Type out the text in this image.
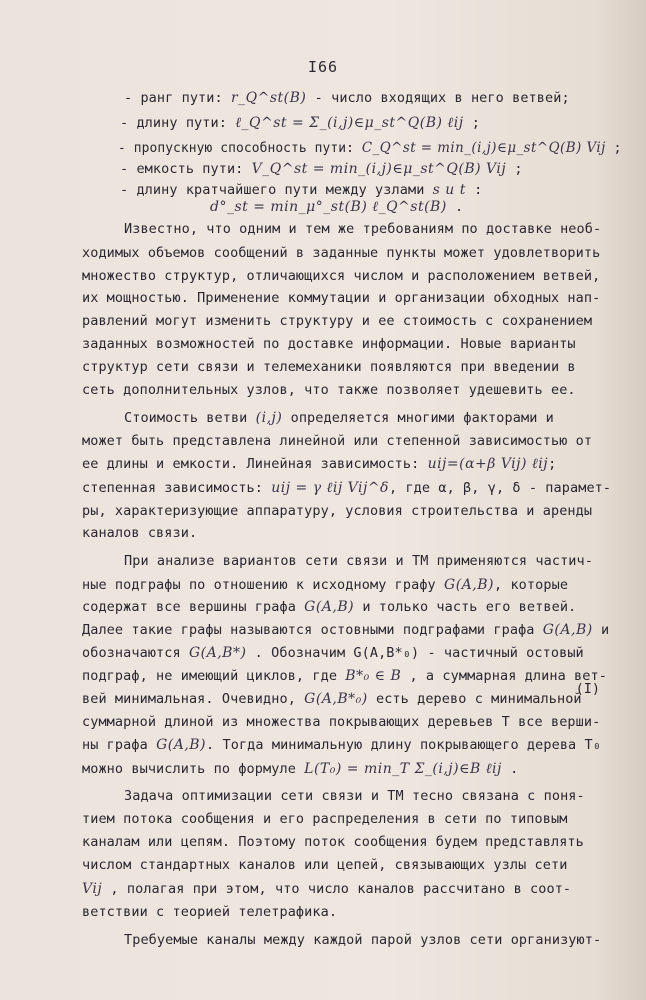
I66
- ранг пути: r_Q^st(B) - число входящих в него ветвей;
- длину пути: ℓ_Q^st = Σ_(i,j)∈μ_st^Q(B) ℓij ;
- пропускную способность пути: C_Q^st = min_(i,j)∈μ_st^Q(B) Vij ;
- емкость пути: V_Q^st = min_(i,j)∈μ_st^Q(B) Vij ;
- длину кратчайшего пути между узлами s и t :
d°_st = min_μ°_st(B) ℓ_Q^st(B) .
Известно, что одним и тем же требованиям по доставке необ-
ходимых объемов сообщений в заданные пункты может удовлетворить
множество структур, отличающихся числом и расположением ветвей,
их мощностью. Применение коммутации и организации обходных нап-
равлений могут изменить структуру и ее стоимость с сохранением
заданных возможностей по доставке информации. Новые варианты
структур сети связи и телемеханики появляются при введении в
сеть дополнительных узлов, что также позволяет удешевить ее.
Стоимость ветви (i,j) определяется многими факторами и
может быть представлена линейной или степенной зависимостью от
ее длины и емкости. Линейная зависимость: uij=(α+β Vij) ℓij;
степенная зависимость: uij = γ ℓij Vij^δ, где α, β, γ, δ - парамет-
ры, характеризующие аппаратуру, условия строительства и аренды
каналов связи.
При анализе вариантов сети связи и ТМ применяются частич-
ные подграфы по отношению к исходному графу G(A,B), которые
содержат все вершины графа G(A,B) и только часть его ветвей.
Далее такие графы называются остовными подграфами графа G(A,B) и
обозначаются G(A,B*) . Обозначим G(A,B*₀) - частичный остовый
подграф, не имеющий циклов, где B*₀ ∈ B , а суммарная длина вет-
вей минимальная. Очевидно, G(A,B*₀) есть дерево с минимальной
суммарной длиной из множества покрывающих деревьев T все верши-
ны графа G(A,B). Тогда минимальную длину покрывающего дерева T₀
можно вычислить по формуле L(T₀) = min_T Σ_(i,j)∈B ℓij .
Задача оптимизации сети связи и ТМ тесно связана с поня-
тием потока сообщения и его распределения в сети по типовым
каналам или цепям. Поэтому поток сообщения будем представлять
числом стандартных каналов или цепей, связывающих узлы сети
Vij , полагая при этом, что число каналов рассчитано в соот-
ветствии с теорией телетрафика.
Требуемые каналы между каждой парой узлов сети организуют-
(I)
